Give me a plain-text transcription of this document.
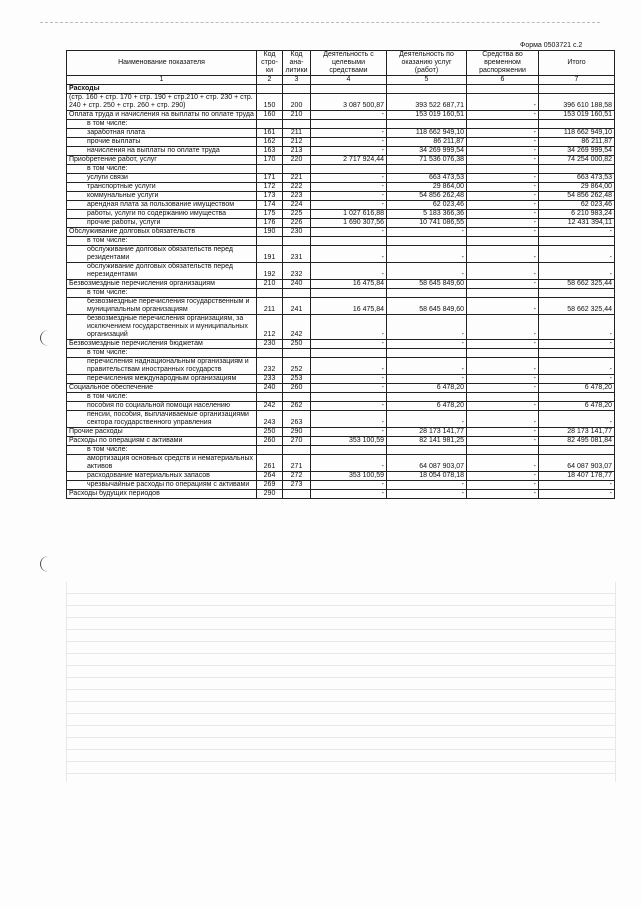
Форма 0503721 с.2
Наименование показателя	Код стро-ки	Код ана-литики	Деятельность с целевыми средствами	Деятельность по оказанию услуг (работ)	Средства во временном распоряжении	Итого
1	2	3	4	5	6	7
Расходы						
(стр. 160 + стр. 170 + стр. 190 + стр.210 + стр. 230 + стр. 240 + стр. 250 + стр. 260 + стр. 290)	150	200	3 087 500,87	393 522 687,71	-	396 610 188,58
Оплата труда и начисления на выплаты по оплате труда	160	210	-	153 019 160,51	-	153 019 160,51
в том числе:						
заработная плата	161	211	-	118 662 949,10	-	118 662 949,10
прочие выплаты	162	212	-	86 211,87	-	86 211,87
начисления на выплаты по оплате труда	163	213	-	34 269 999,54	-	34 269 999,54
Приобретение работ, услуг	170	220	2 717 924,44	71 536 076,38	-	74 254 000,82
в том числе:						
услуги связи	171	221	-	663 473,53	-	663 473,53
транспортные услуги	172	222	-	29 864,00	-	29 864,00
коммунальные услуги	173	223	-	54 856 262,48	-	54 856 262,48
арендная плата за пользование имуществом	174	224	-	62 023,46	-	62 023,46
работы, услуги по содержанию имущества	175	225	1 027 616,88	5 183 366,36	-	6 210 983,24
прочие работы, услуги	176	226	1 690 307,56	10 741 086,55	-	12 431 394,11
Обслуживание долговых обязательств	190	230	-	-	-	-
в том числе:						
обслуживание долговых обязательств перед резидентами	191	231	-	-	-	-
обслуживание долговых обязательств перед нерезидентами	192	232	-	-	-	-
Безвозмездные перечисления организациям	210	240	16 475,84	58 645 849,60	-	58 662 325,44
в том числе:						
безвозмездные перечисления государственным и муниципальным организациям	211	241	16 475,84	58 645 849,60	-	58 662 325,44
безвозмездные перечисления организациям, за исключением государственных и муниципальных организаций	212	242	-	-	-	-
Безвозмездные перечисления бюджетам	230	250	-	-	-	-
в том числе:						
перечисления наднациональным организациям и правительствам иностранных государств	232	252	-	-	-	-
перечисления международным организациям	233	253	-	-	-	-
Социальное обеспечение	240	260	-	6 478,20	-	6 478,20
в том числе:						
пособия по социальной помощи населению	242	262	-	6 478,20	-	6 478,20
пенсии, пособия, выплачиваемые организациями сектора государственного управления	243	263	-	-	-	-
Прочие расходы	250	290	-	28 173 141,77	-	28 173 141,77
Расходы по операциям с активами	260	270	353 100,59	82 141 981,25	-	82 495 081,84
в том числе:						
амортизация основных средств и нематериальных активов	261	271	-	64 087 903,07	-	64 087 903,07
расходование материальных запасов	264	272	353 100,59	18 054 078,18	-	18 407 178,77
чрезвычайные расходы по операциям с активами	269	273	-	-	-	-
Расходы будущих периодов	290		-	-	-	-
